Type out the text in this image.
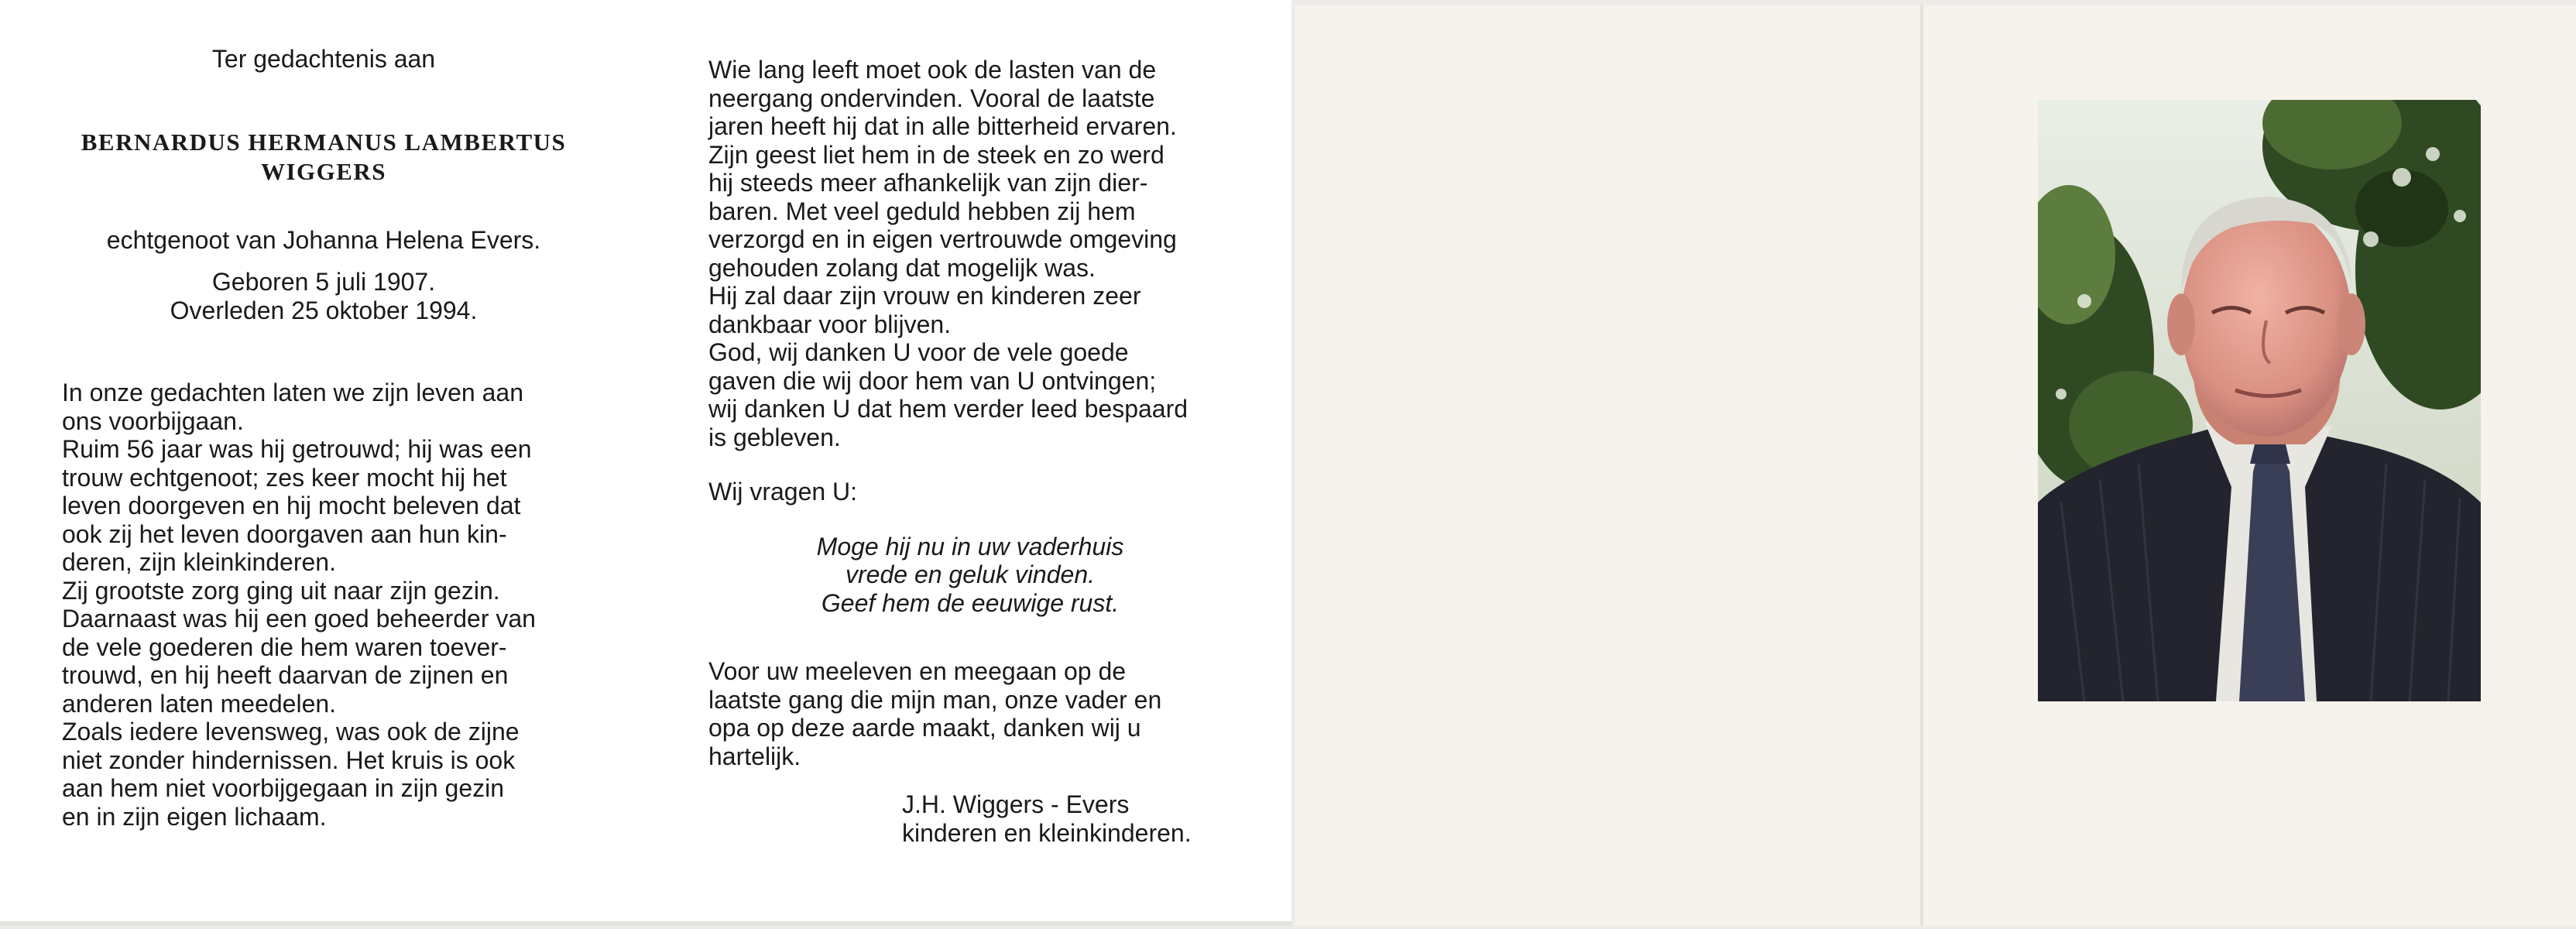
Ter gedachtenis aan
BERNARDUS HERMANUS LAMBERTUS
WIGGERS
echtgenoot van Johanna Helena Evers.
Geboren 5 juli 1907.
Overleden 25 oktober 1994.
In onze gedachten laten we zijn leven aan
ons voorbijgaan.
Ruim 56 jaar was hij getrouwd; hij was een
trouw echtgenoot; zes keer mocht hij het
leven doorgeven en hij mocht beleven dat
ook zij het leven doorgaven aan hun kin-
deren, zijn kleinkinderen.
Zij grootste zorg ging uit naar zijn gezin.
Daarnaast was hij een goed beheerder van
de vele goederen die hem waren toever-
trouwd, en hij heeft daarvan de zijnen en
anderen laten meedelen.
Zoals iedere levensweg, was ook de zijne
niet zonder hindernissen. Het kruis is ook
aan hem niet voorbijgegaan in zijn gezin
en in zijn eigen lichaam.
Wie lang leeft moet ook de lasten van de
neergang ondervinden. Vooral de laatste
jaren heeft hij dat in alle bitterheid ervaren.
Zijn geest liet hem in de steek en zo werd
hij steeds meer afhankelijk van zijn dier-
baren. Met veel geduld hebben zij hem
verzorgd en in eigen vertrouwde omgeving
gehouden zolang dat mogelijk was.
Hij zal daar zijn vrouw en kinderen zeer
dankbaar voor blijven.
God, wij danken U voor de vele goede
gaven die wij door hem van U ontvingen;
wij danken U dat hem verder leed bespaard
is gebleven.
Wij vragen U:
Moge hij nu in uw vaderhuis
vrede en geluk vinden.
Geef hem de eeuwige rust.
Voor uw meeleven en meegaan op de
laatste gang die mijn man, onze vader en
opa op deze aarde maakt, danken wij u
hartelijk.
J.H. Wiggers - Evers
kinderen en kleinkinderen.
